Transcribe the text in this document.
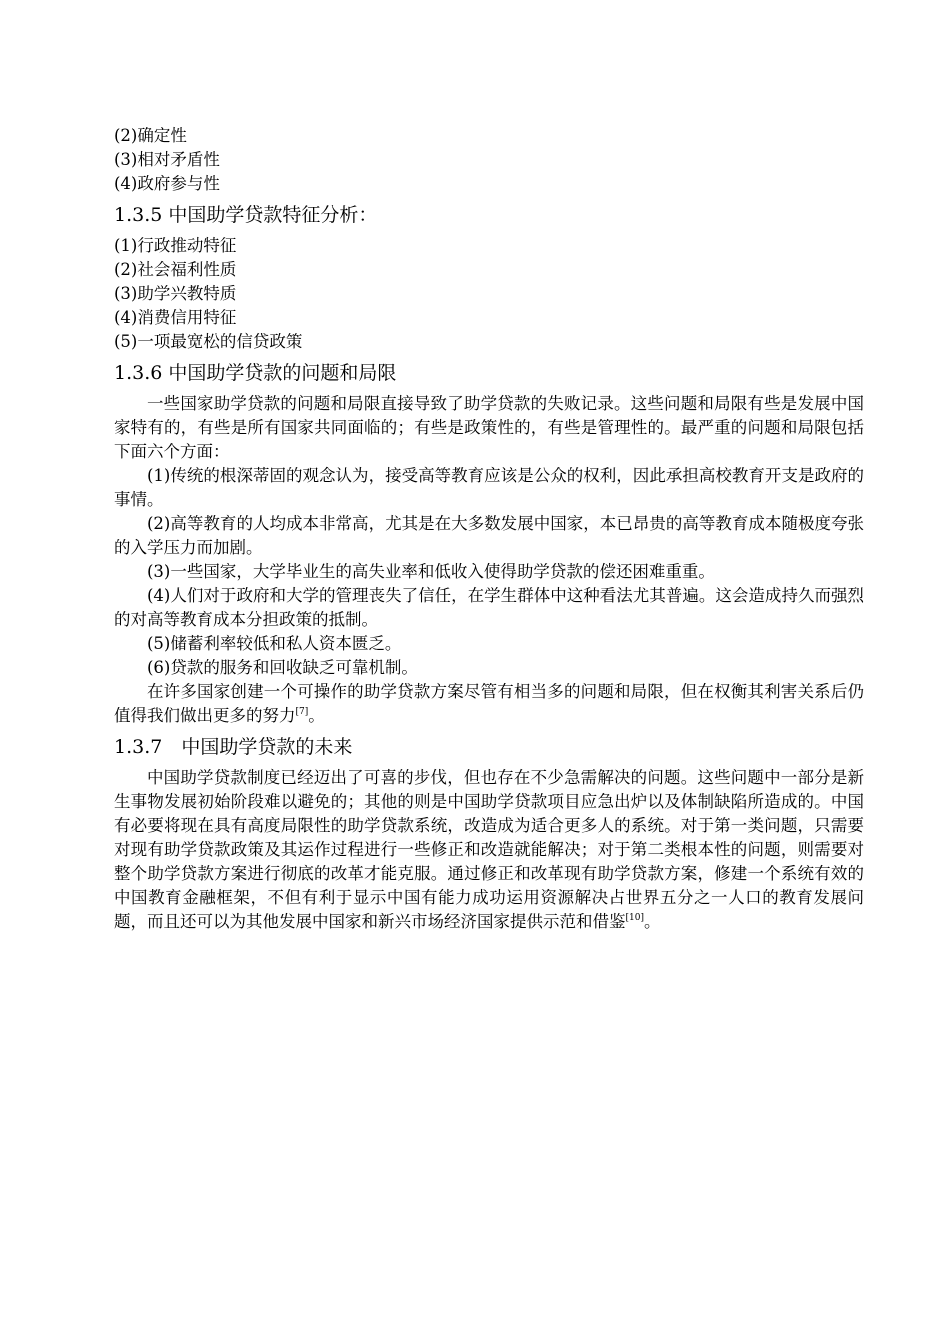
(2)确定性
(3)相对矛盾性
(4)政府参与性
1.3.5 中国助学贷款特征分析：
(1)行政推动特征
(2)社会福利性质
(3)助学兴教特质
(4)消费信用特征
(5)一项最宽松的信贷政策
1.3.6 中国助学贷款的问题和局限

一些国家助学贷款的问题和局限直接导致了助学贷款的失败记录。这些问题和局限有些是发展中国家特有的，有些是所有国家共同面临的；有些是政策性的，有些是管理性的。最严重的问题和局限包括下面六个方面：

(1)传统的根深蒂固的观念认为，接受高等教育应该是公众的权利，因此承担高校教育开支是政府的事情。

(2)高等教育的人均成本非常高，尤其是在大多数发展中国家，本已昂贵的高等教育成本随极度夸张的入学压力而加剧。

(3)一些国家，大学毕业生的高失业率和低收入使得助学贷款的偿还困难重重。

(4)人们对于政府和大学的管理丧失了信任，在学生群体中这种看法尤其普遍。这会造成持久而强烈的对高等教育成本分担政策的抵制。

(5)储蓄利率较低和私人资本匮乏。

(6)贷款的服务和回收缺乏可靠机制。

在许多国家创建一个可操作的助学贷款方案尽管有相当多的问题和局限，但在权衡其利害关系后仍值得我们做出更多的努力[7]。

1.3.7　中国助学贷款的未来

中国助学贷款制度已经迈出了可喜的步伐，但也存在不少急需解决的问题。这些问题中一部分是新生事物发展初始阶段难以避免的；其他的则是中国助学贷款项目应急出炉以及体制缺陷所造成的。中国有必要将现在具有高度局限性的助学贷款系统，改造成为适合更多人的系统。对于第一类问题，只需要对现有助学贷款政策及其运作过程进行一些修正和改造就能解决；对于第二类根本性的问题，则需要对整个助学贷款方案进行彻底的改革才能克服。通过修正和改革现有助学贷款方案，修建一个系统有效的中国教育金融框架，不但有利于显示中国有能力成功运用资源解决占世界五分之一人口的教育发展问题，而且还可以为其他发展中国家和新兴市场经济国家提供示范和借鉴[10]。
